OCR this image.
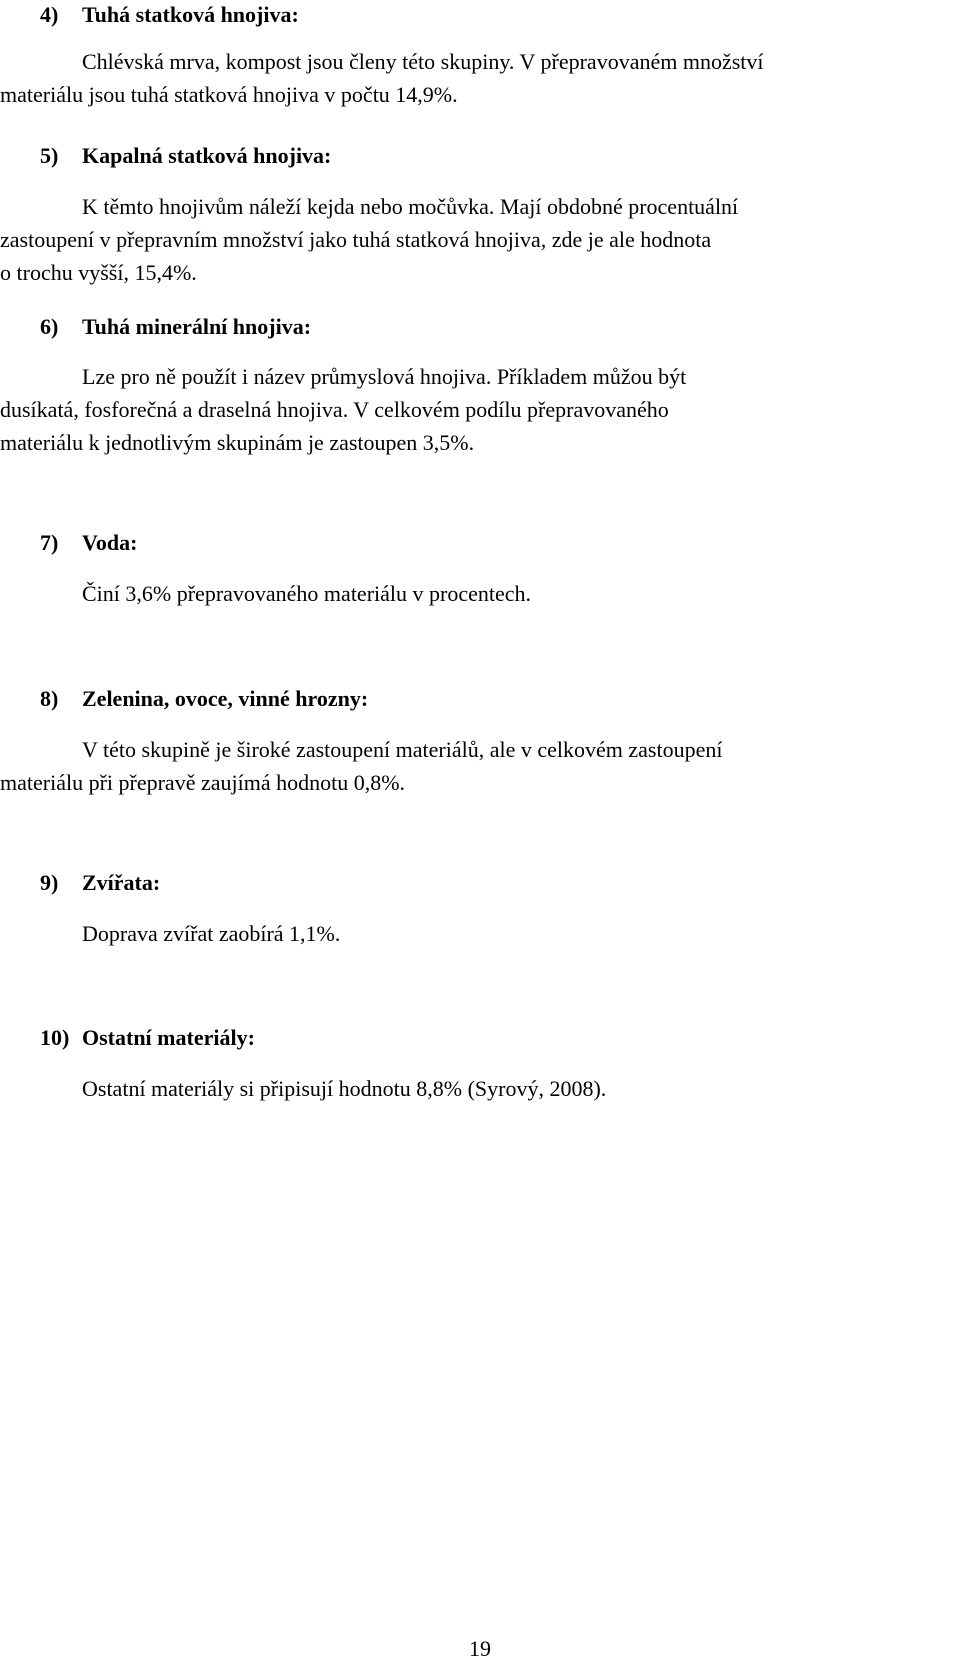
4) Tuhá statková hnojiva:
Chlévská mrva, kompost jsou členy této skupiny. V přepravovaném množství
materiálu jsou tuhá statková hnojiva v počtu 14,9%.
5) Kapalná statková hnojiva:
K těmto hnojivům náleží kejda nebo močůvka. Mají obdobné procentuální
zastoupení v přepravním množství jako tuhá statková hnojiva, zde je ale hodnota
o trochu vyšší, 15,4%.
6) Tuhá minerální hnojiva:
Lze pro ně použít i název průmyslová hnojiva. Příkladem můžou být
dusíkatá, fosforečná a draselná hnojiva. V celkovém podílu přepravovaného
materiálu k jednotlivým skupinám je zastoupen 3,5%.
7) Voda:
Činí 3,6% přepravovaného materiálu v procentech.
8) Zelenina, ovoce, vinné hrozny:
V této skupině je široké zastoupení materiálů, ale v celkovém zastoupení
materiálu při přepravě zaujímá hodnotu 0,8%.
9) Zvířata:
Doprava zvířat zaobírá 1,1%.
10) Ostatní materiály:
Ostatní materiály si připisují hodnotu 8,8% (Syrový, 2008).
19
